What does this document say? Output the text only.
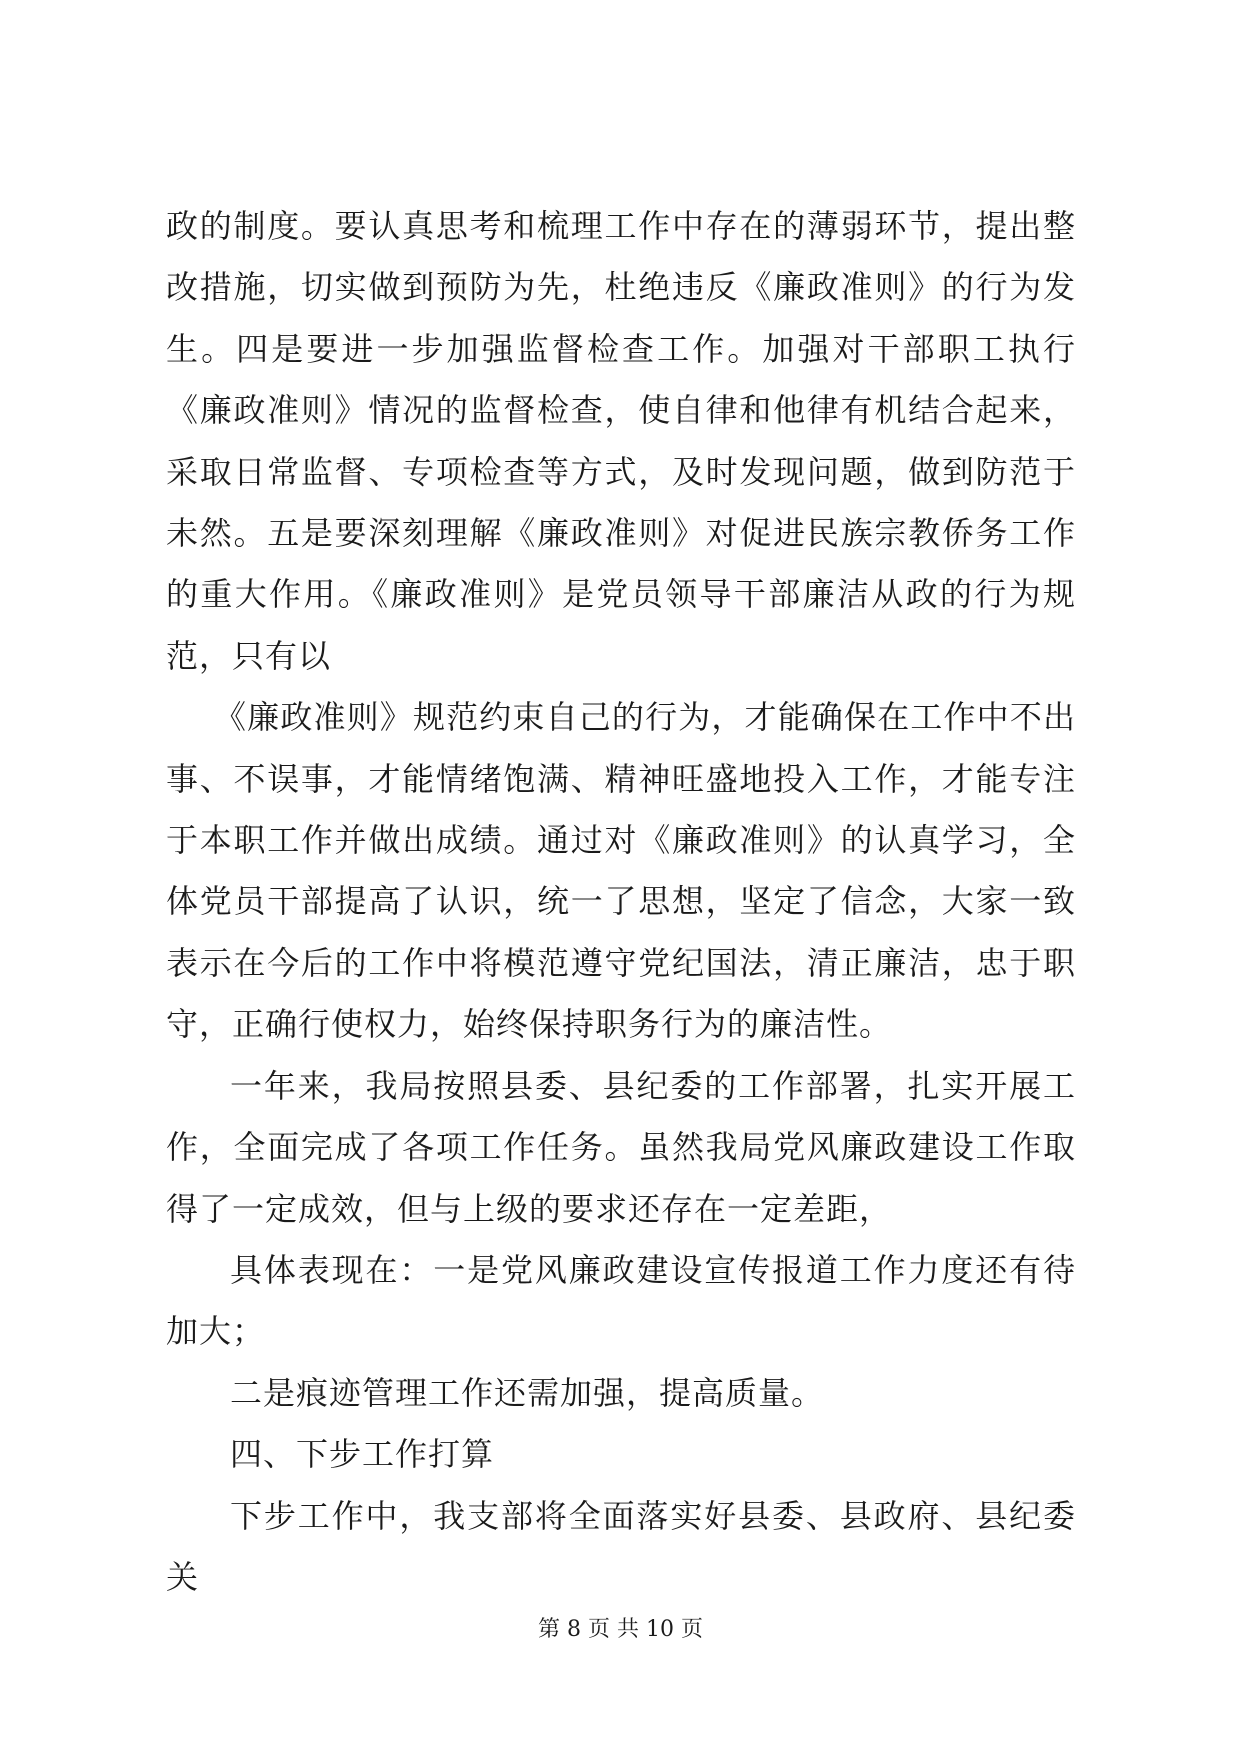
政的制度。要认真思考和梳理工作中存在的薄弱环节，提出整改措施，切实做到预防为先，杜绝违反《廉政准则》的行为发生。四是要进一步加强监督检查工作。加强对干部职工执行《廉政准则》情况的监督检查，使自律和他律有机结合起来，采取日常监督、专项检查等方式，及时发现问题，做到防范于未然。五是要深刻理解《廉政准则》对促进民族宗教侨务工作的重大作用。《廉政准则》是党员领导干部廉洁从政的行为规范，只有以

《廉政准则》规范约束自己的行为，才能确保在工作中不出事、不误事，才能情绪饱满、精神旺盛地投入工作，才能专注于本职工作并做出成绩。通过对《廉政准则》的认真学习，全体党员干部提高了认识，统一了思想，坚定了信念，大家一致表示在今后的工作中将模范遵守党纪国法，清正廉洁，忠于职守，正确行使权力，始终保持职务行为的廉洁性。

一年来，我局按照县委、县纪委的工作部署，扎实开展工作，全面完成了各项工作任务。虽然我局党风廉政建设工作取得了一定成效，但与上级的要求还存在一定差距，

具体表现在：一是党风廉政建设宣传报道工作力度还有待加大；

二是痕迹管理工作还需加强，提高质量。

四、下步工作打算

下步工作中，我支部将全面落实好县委、县政府、县纪委关

第 8 页 共 10 页
